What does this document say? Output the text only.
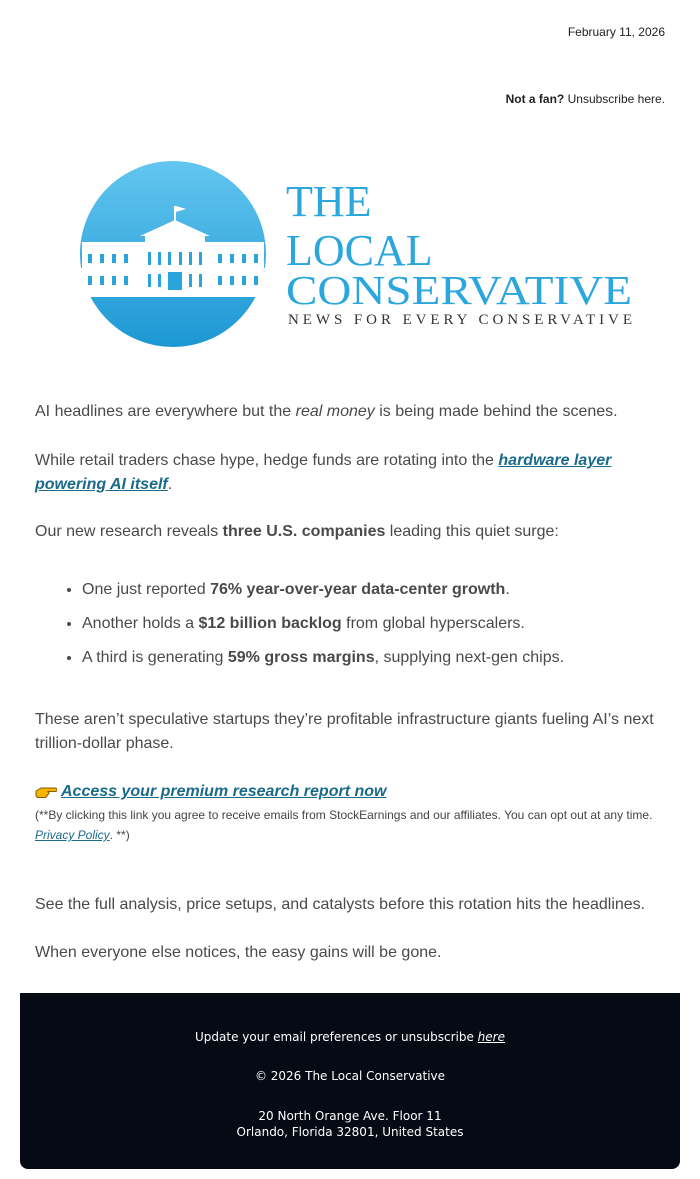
February 11, 2026
Not a fan? Unsubscribe here.
THE
LOCAL
CONSERVATIVE
NEWS FOR EVERY CONSERVATIVE
AI headlines are everywhere but the real money is being made behind the scenes.
While retail traders chase hype, hedge funds are rotating into the hardware layer powering AI itself.
Our new research reveals three U.S. companies leading this quiet surge:
• One just reported 76% year-over-year data-center growth.
• Another holds a $12 billion backlog from global hyperscalers.
• A third is generating 59% gross margins, supplying next-gen chips.
These aren’t speculative startups they’re profitable infrastructure giants fueling AI’s next trillion-dollar phase.
Access your premium research report now
(**By clicking this link you agree to receive emails from StockEarnings and our affiliates. You can opt out at any time. Privacy Policy. **)
See the full analysis, price setups, and catalysts before this rotation hits the headlines.
When everyone else notices, the easy gains will be gone.
Update your email preferences or unsubscribe here
© 2026 The Local Conservative
20 North Orange Ave. Floor 11
Orlando, Florida 32801, United States
